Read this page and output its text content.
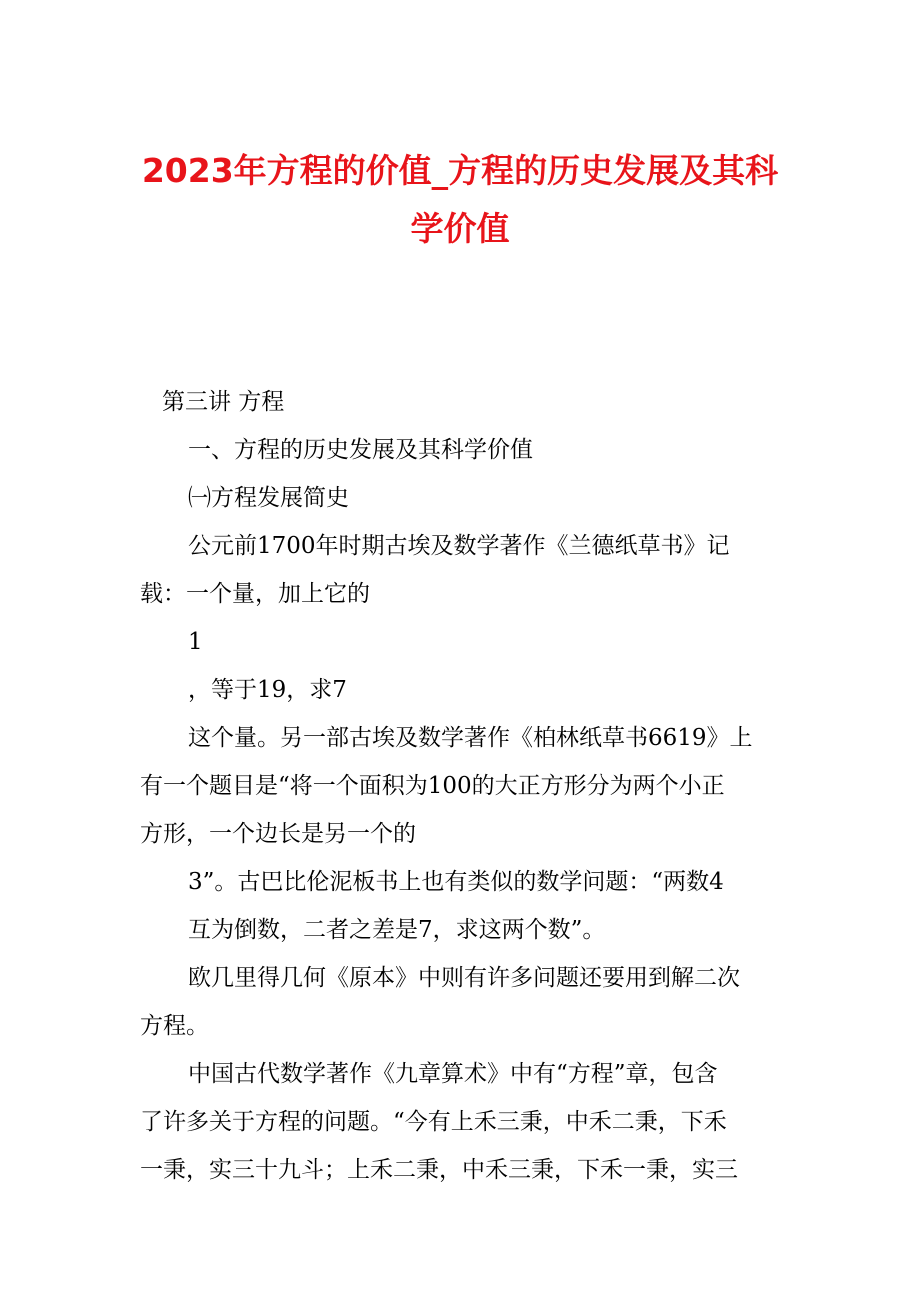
2023年方程的价值_方程的历史发展及其科
学价值
第三讲 方程
一、方程的历史发展及其科学价值
㈠方程发展简史
公元前1700年时期古埃及数学著作《兰德纸草书》记
载：一个量，加上它的
1
，等于19，求7
这个量。另一部古埃及数学著作《柏林纸草书6619》上
有一个题目是“将一个面积为100的大正方形分为两个小正
方形，一个边长是另一个的
3”。古巴比伦泥板书上也有类似的数学问题：“两数4
互为倒数，二者之差是7，求这两个数”。
欧几里得几何《原本》中则有许多问题还要用到解二次
方程。
中国古代数学著作《九章算术》中有“方程”章，包含
了许多关于方程的问题。“今有上禾三秉，中禾二秉，下禾
一秉，实三十九斗；上禾二秉，中禾三秉，下禾一秉，实三
